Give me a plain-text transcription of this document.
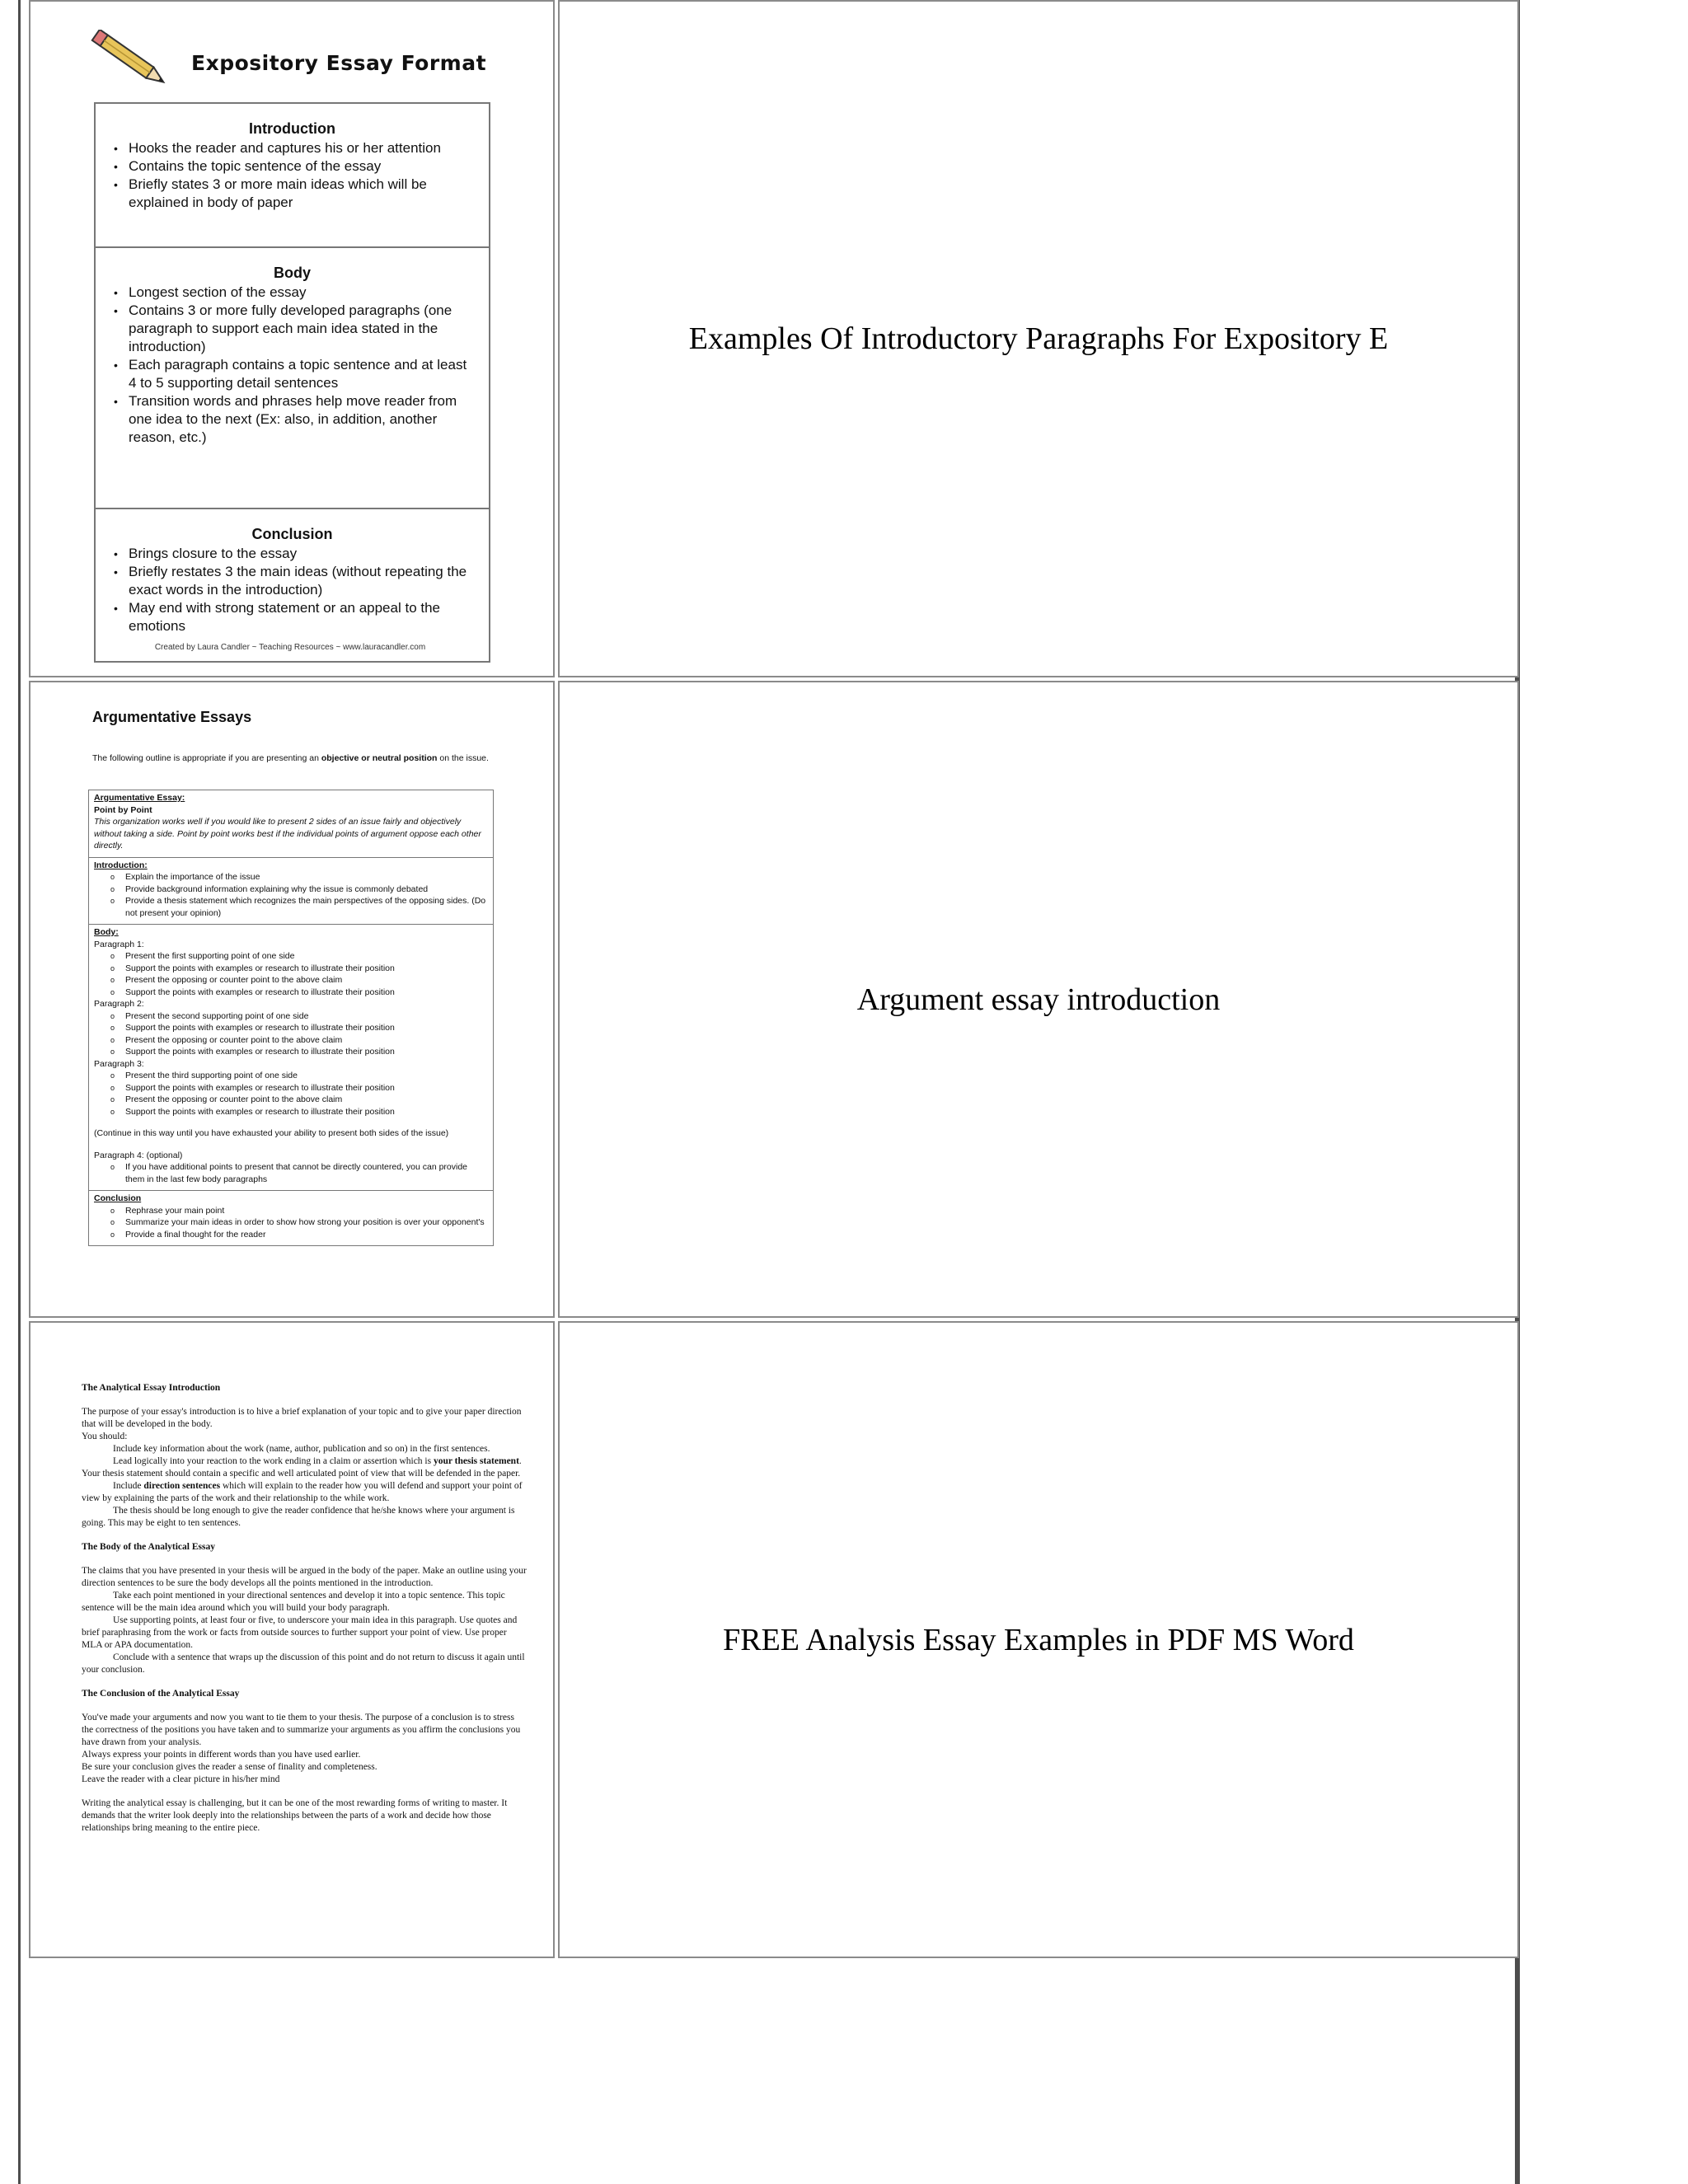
Expository Essay Format
Introduction
• Hooks the reader and captures his or her attention
• Contains the topic sentence of the essay
• Briefly states 3 or more main ideas which will be explained in body of paper
Body
• Longest section of the essay
• Contains 3 or more fully developed paragraphs (one paragraph to support each main idea stated in the introduction)
• Each paragraph contains a topic sentence and at least 4 to 5 supporting detail sentences
• Transition words and phrases help move reader from one idea to the next (Ex: also, in addition, another reason, etc.)
Conclusion
• Brings closure to the essay
• Briefly restates 3 the main ideas (without repeating the exact words in the introduction)
• May end with strong statement or an appeal to the emotions
Created by Laura Candler ~ Teaching Resources ~ www.lauracandler.com
Examples Of Introductory Paragraphs For Expository E
Argumentative Essays
The following outline is appropriate if you are presenting an objective or neutral position on the issue.
Argumentative Essay:
Point by Point
This organization works well if you would like to present 2 sides of an issue fairly and objectively without taking a side. Point by point works best if the individual points of argument oppose each other directly.
Introduction:
o Explain the importance of the issue
o Provide background information explaining why the issue is commonly debated
o Provide a thesis statement which recognizes the main perspectives of the opposing sides. (Do not present your opinion)
Body:
Paragraph 1:
o Present the first supporting point of one side
o Support the points with examples or research to illustrate their position
o Present the opposing or counter point to the above claim
o Support the points with examples or research to illustrate their position
Paragraph 2:
o Present the second supporting point of one side
o Support the points with examples or research to illustrate their position
o Present the opposing or counter point to the above claim
o Support the points with examples or research to illustrate their position
Paragraph 3:
o Present the third supporting point of one side
o Support the points with examples or research to illustrate their position
o Present the opposing or counter point to the above claim
o Support the points with examples or research to illustrate their position
(Continue in this way until you have exhausted your ability to present both sides of the issue)
Paragraph 4: (optional)
o If you have additional points to present that cannot be directly countered, you can provide them in the last few body paragraphs
Conclusion
o Rephrase your main point
o Summarize your main ideas in order to show how strong your position is over your opponent's
o Provide a final thought for the reader
Argument essay introduction

The Analytical Essay Introduction

The purpose of your essay's introduction is to hive a brief explanation of your topic and to give your paper direction that will be developed in the body.
You should:

Include key information about the work (name, author, publication and so on) in the first sentences.
Lead logically into your reaction to the work ending in a claim or assertion which is your thesis statement. Your thesis statement should contain a specific and well articulated point of view that will be defended in the paper.
Include direction sentences which will explain to the reader how you will defend and support your point of view by explaining the parts of the work and their relationship to the while work.
The thesis should be long enough to give the reader confidence that he/she knows where your argument is going. This may be eight to ten sentences.

The Body of the Analytical Essay

The claims that you have presented in your thesis will be argued in the body of the paper. Make an outline using your direction sentences to be sure the body develops all the points mentioned in the introduction.
Take each point mentioned in your directional sentences and develop it into a topic sentence. This topic sentence will be the main idea around which you will build your body paragraph.
Use supporting points, at least four or five, to underscore your main idea in this paragraph. Use quotes and brief paraphrasing from the work or facts from outside sources to further support your point of view. Use proper MLA or APA documentation.
Conclude with a sentence that wraps up the discussion of this point and do not return to discuss it again until your conclusion.

The Conclusion of the Analytical Essay

You've made your arguments and now you want to tie them to your thesis. The purpose of a conclusion is to stress the correctness of the positions you have taken and to summarize your arguments as you affirm the conclusions you have drawn from your analysis.
Always express your points in different words than you have used earlier.
Be sure your conclusion gives the reader a sense of finality and completeness.
Leave the reader with a clear picture in his/her mind

Writing the analytical essay is challenging, but it can be one of the most rewarding forms of writing to master. It demands that the writer look deeply into the relationships between the parts of a work and decide how those relationships bring meaning to the entire piece.

FREE Analysis Essay Examples in PDF MS Word
